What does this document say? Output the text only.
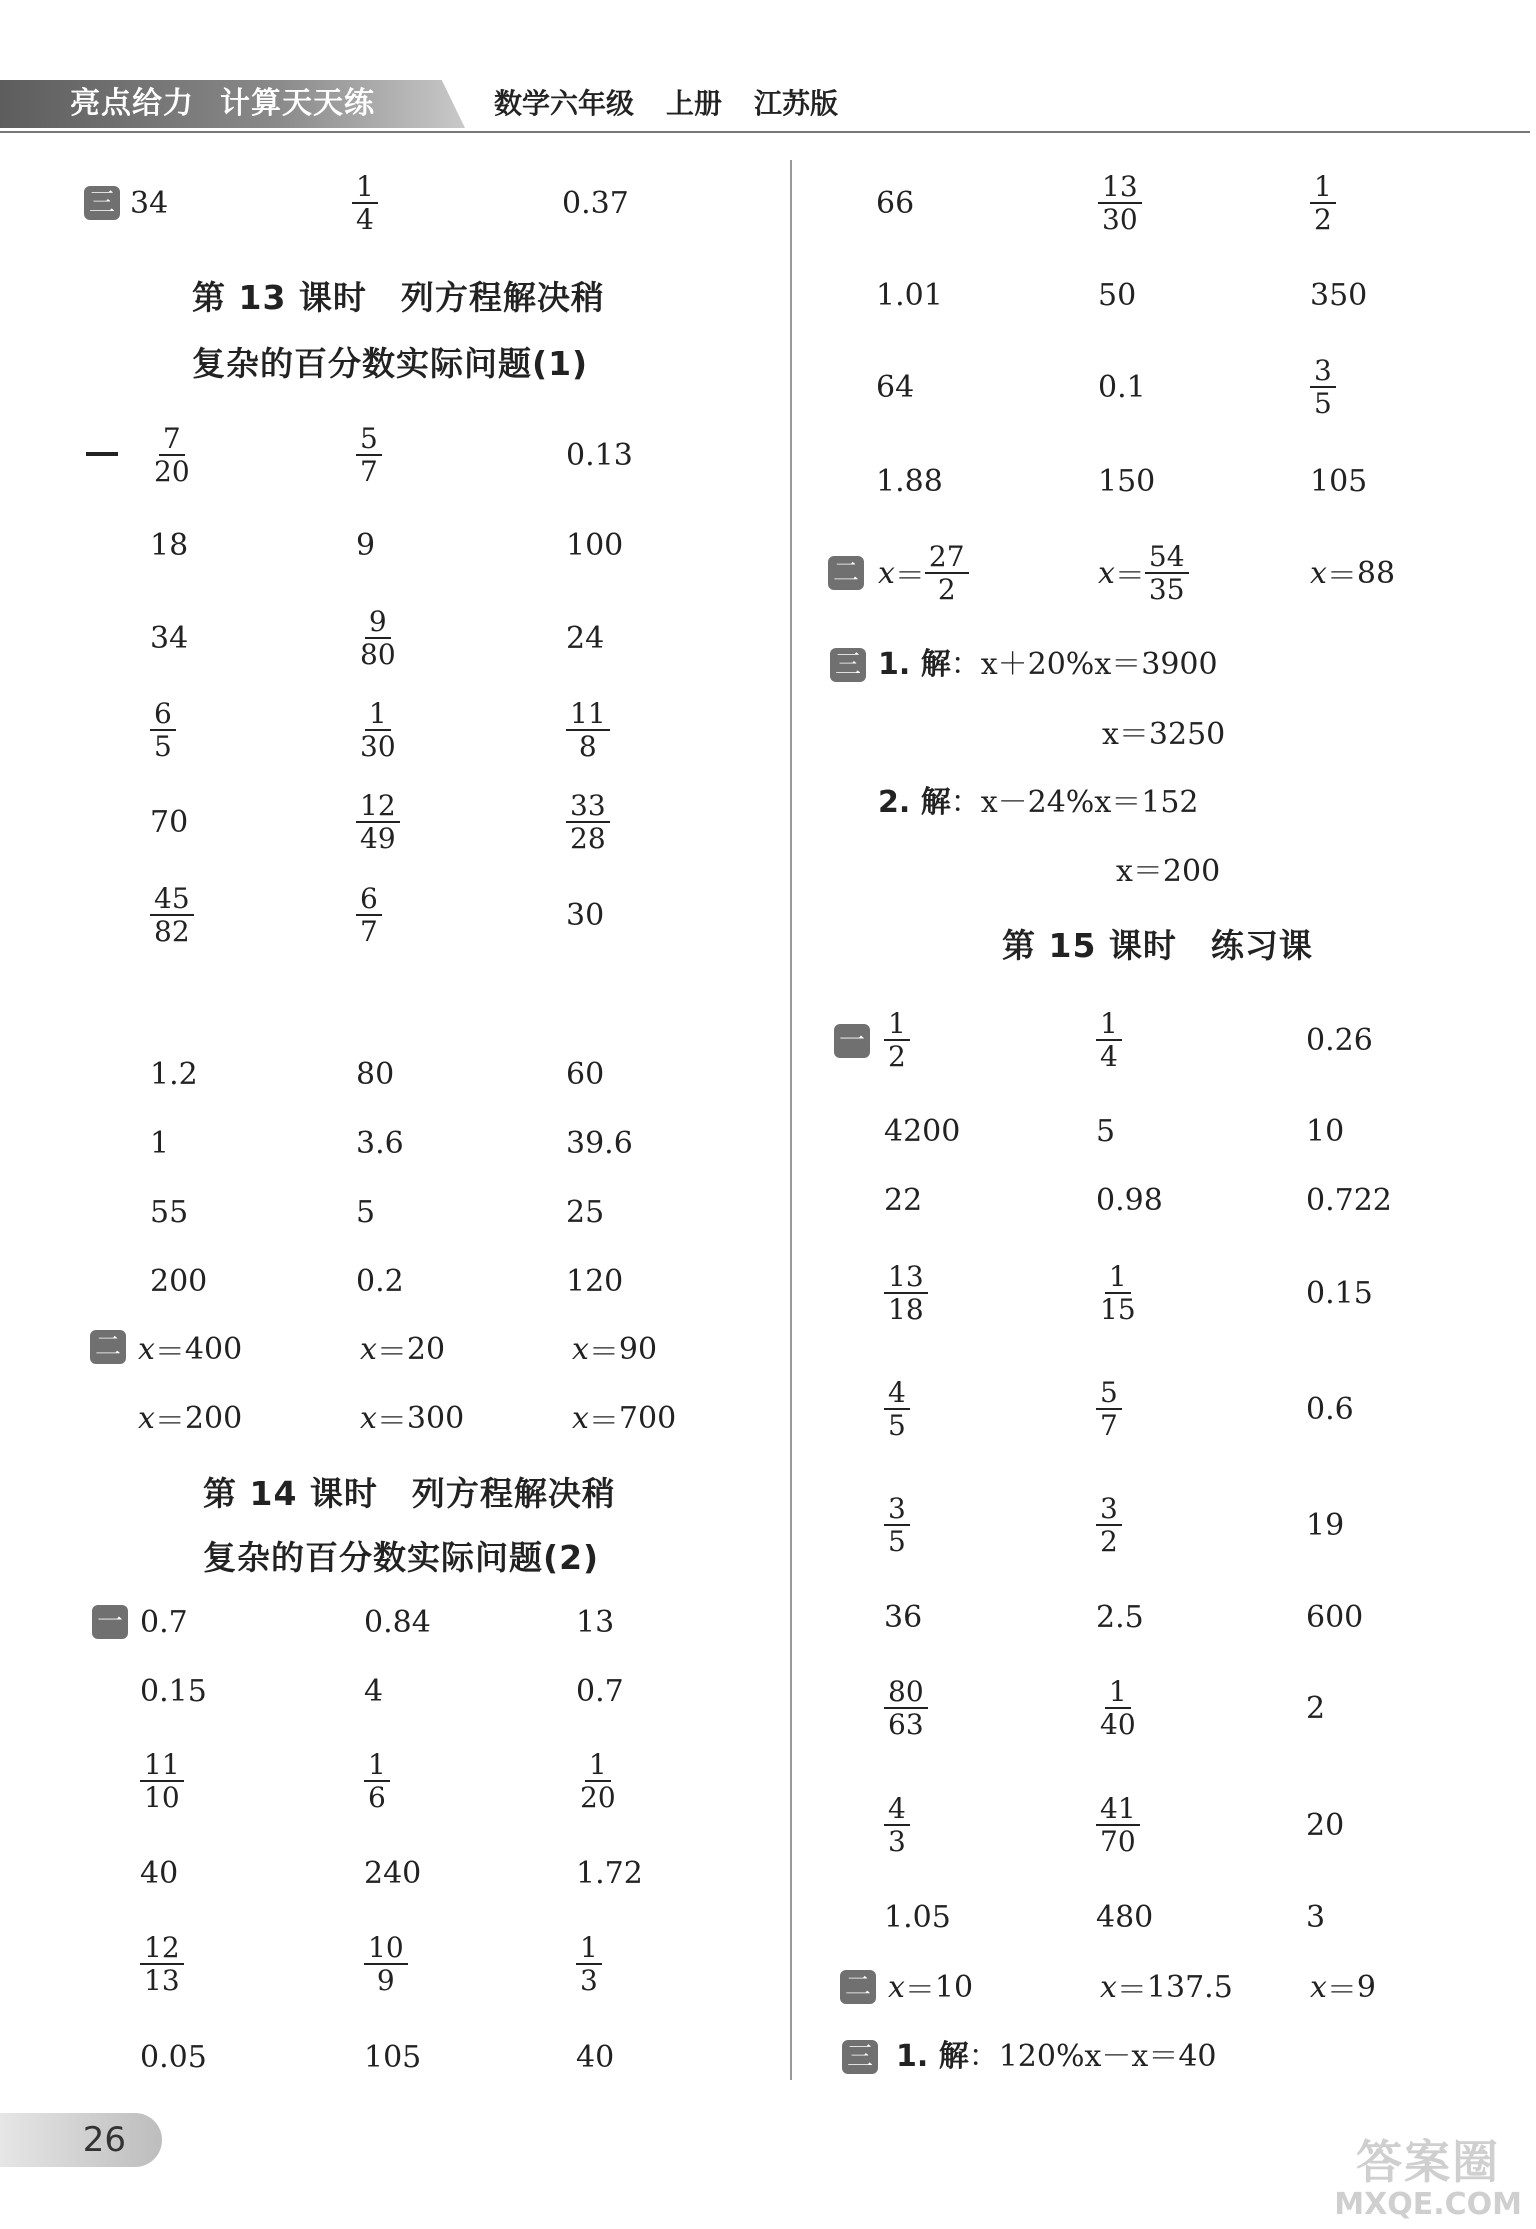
亮点给力 计算天天练	数学六年级 上册 江苏版
三 34	$\frac{1}{4}$	0.37
第 13 课时　列方程解决稍
复杂的百分数实际问题(1)
$\frac{7}{20}$	$\frac{5}{7}$	0.13
18	9	100
34	$\frac{9}{80}$	24
$\frac{6}{5}$	$\frac{1}{30}$	$\frac{11}{8}$
70	$\frac{12}{49}$	$\frac{33}{28}$
$\frac{45}{82}$	$\frac{6}{7}$	30
1.2	80	60
1	3.6	39.6
55	5	25
200	0.2	120
二 x ＝ 400	x ＝ 20	x ＝ 90
x ＝ 200	x ＝ 300	x ＝ 700
第 14 课时　列方程解决稍
复杂的百分数实际问题(2)
一 0.7	0.84	13
0.15	4	0.7
$\frac{11}{10}$	$\frac{1}{6}$	$\frac{1}{20}$
40	240	1.72
$\frac{12}{13}$	$\frac{10}{9}$	$\frac{1}{3}$
0.05	105	40
66	$\frac{13}{30}$	$\frac{1}{2}$
1.01	50	350
64	0.1	$\frac{3}{5}$
1.88	150	105
二 $x = \frac{27}{2}$	$x = \frac{54}{35}$	x ＝ 88
三 1. 解：x＋20%x＝3900
x＝3250
2. 解：x－24%x＝152
x＝200
第 15 课时　练习课
一 $\frac{1}{2}$	$\frac{1}{4}$	0.26
4200	5	10
22	0.98	0.722
$\frac{13}{18}$	$\frac{1}{15}$	0.15
$\frac{4}{5}$	$\frac{5}{7}$	0.6
$\frac{3}{5}$	$\frac{3}{2}$	19
36	2.5	600
$\frac{80}{63}$	$\frac{1}{40}$	2
$\frac{4}{3}$	$\frac{41}{70}$	20
1.05	480	3
二 x ＝ 10	x ＝ 137.5	x ＝ 9
三 1. 解：120%x－x＝40
26	答案圈
MXQE.COM
